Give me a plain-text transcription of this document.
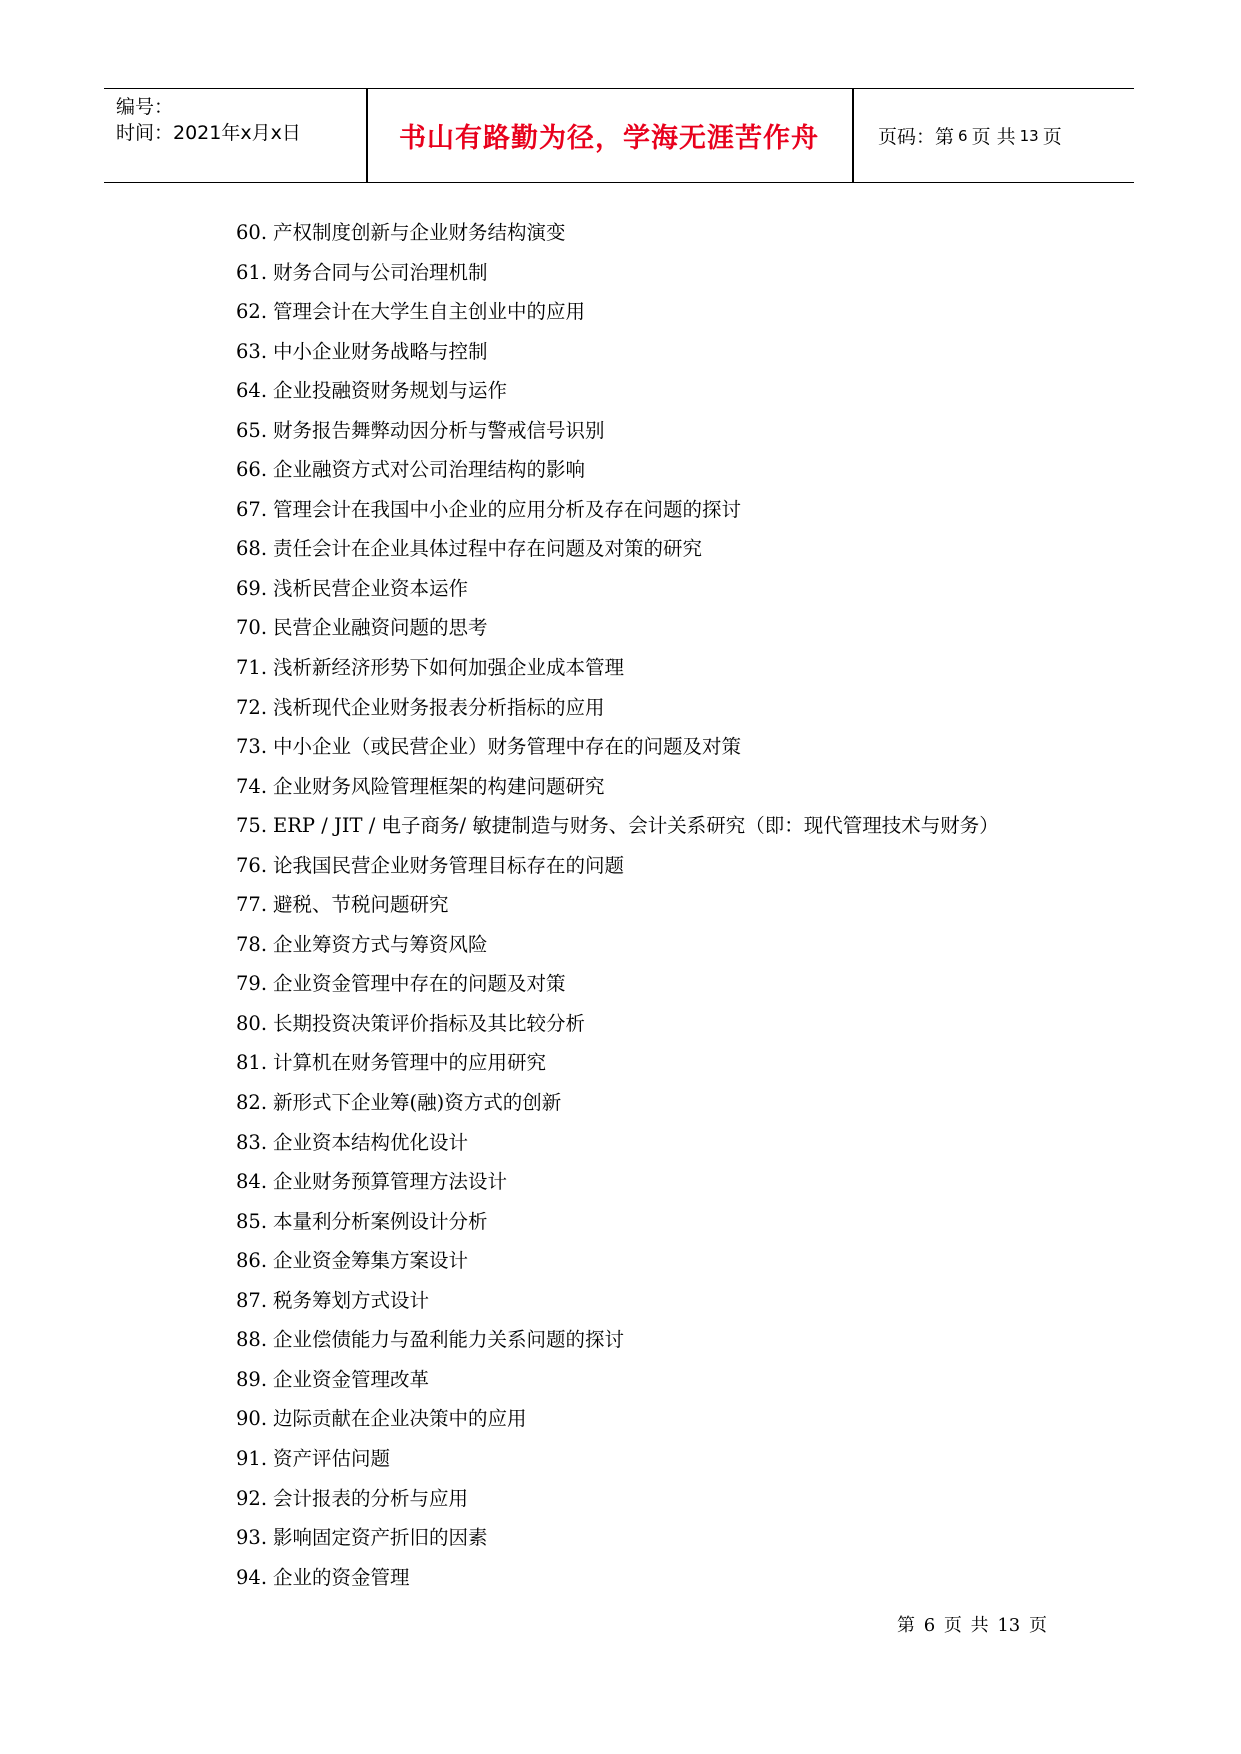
编号：
时间：2021年x月x日	书山有路勤为径，学海无涯苦作舟	页码：第 6 页 共 13 页
60. 产权制度创新与企业财务结构演变
61. 财务合同与公司治理机制
62. 管理会计在大学生自主创业中的应用
63. 中小企业财务战略与控制
64. 企业投融资财务规划与运作
65. 财务报告舞弊动因分析与警戒信号识别
66. 企业融资方式对公司治理结构的影响
67. 管理会计在我国中小企业的应用分析及存在问题的探讨
68. 责任会计在企业具体过程中存在问题及对策的研究
69. 浅析民营企业资本运作
70. 民营企业融资问题的思考
71. 浅析新经济形势下如何加强企业成本管理
72. 浅析现代企业财务报表分析指标的应用
73. 中小企业（或民营企业）财务管理中存在的问题及对策
74. 企业财务风险管理框架的构建问题研究
75. ERP / JIT / 电子商务/ 敏捷制造与财务、会计关系研究（即：现代管理技术与财务）
76. 论我国民营企业财务管理目标存在的问题
77. 避税、节税问题研究
78. 企业筹资方式与筹资风险
79. 企业资金管理中存在的问题及对策
80. 长期投资决策评价指标及其比较分析
81. 计算机在财务管理中的应用研究
82. 新形式下企业筹(融)资方式的创新
83. 企业资本结构优化设计
84. 企业财务预算管理方法设计
85. 本量利分析案例设计分析
86. 企业资金筹集方案设计
87. 税务筹划方式设计
88. 企业偿债能力与盈利能力关系问题的探讨
89. 企业资金管理改革
90. 边际贡献在企业决策中的应用
91. 资产评估问题
92. 会计报表的分析与应用
93. 影响固定资产折旧的因素
94. 企业的资金管理
第 6 页 共 13 页
